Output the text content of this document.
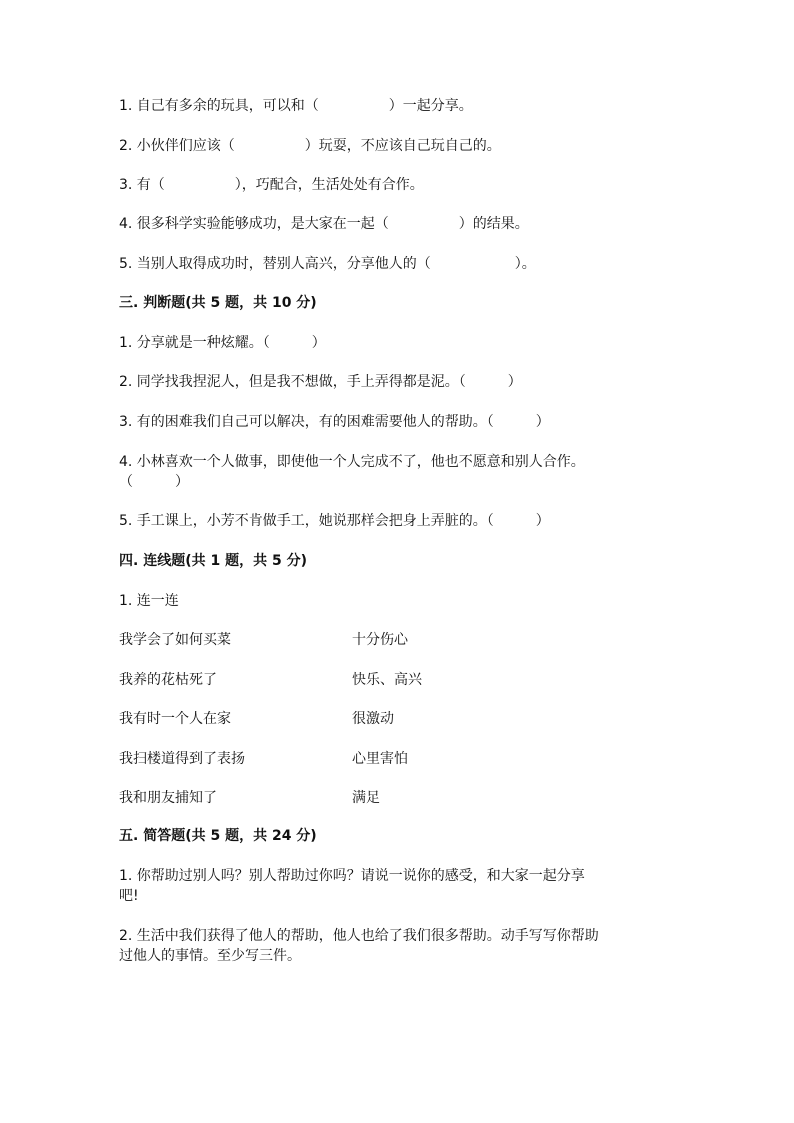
1. 自己有多余的玩具，可以和（　　　　　）一起分享。
2. 小伙伴们应该（　　　　　）玩耍，不应该自己玩自己的。
3. 有（　　　　　），巧配合，生活处处有合作。
4. 很多科学实验能够成功，是大家在一起（　　　　　）的结果。
5. 当别人取得成功时，替别人高兴，分享他人的（　　　　　　）。
三. 判断题(共 5 题，共 10 分)
1. 分享就是一种炫耀。（　　　）
2. 同学找我捏泥人，但是我不想做，手上弄得都是泥。（　　　）
3. 有的困难我们自己可以解决，有的困难需要他人的帮助。（　　　）
4. 小林喜欢一个人做事，即使他一个人完成不了，他也不愿意和别人合作。
（　　　）
5. 手工课上，小芳不肯做手工，她说那样会把身上弄脏的。（　　　）
四. 连线题(共 1 题，共 5 分)
1. 连一连
我学会了如何买菜	十分伤心
我养的花枯死了	快乐、高兴
我有时一个人在家	很激动
我扫楼道得到了表扬	心里害怕
我和朋友捕知了	满足
五. 简答题(共 5 题，共 24 分)
1. 你帮助过别人吗？别人帮助过你吗？请说一说你的感受，和大家一起分享
吧!
2. 生活中我们获得了他人的帮助，他人也给了我们很多帮助。动手写写你帮助
过他人的事情。至少写三件。
